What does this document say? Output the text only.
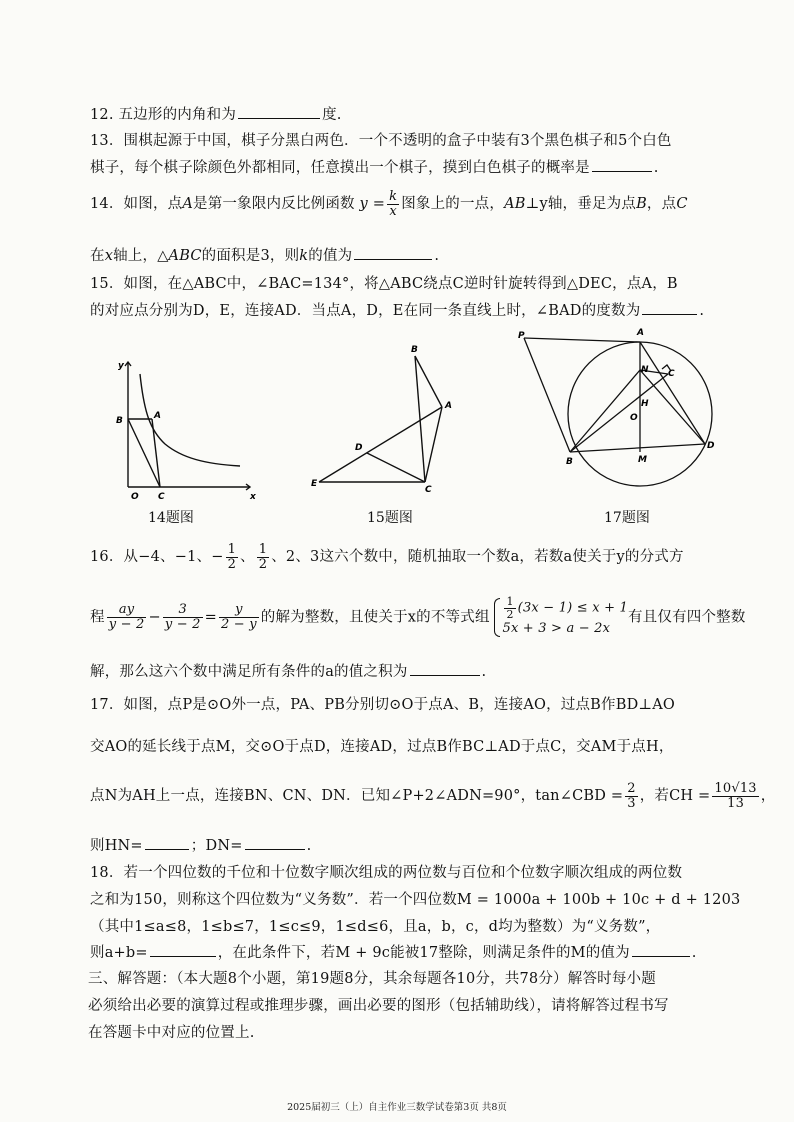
12. 五边形的内角和为	度.
13．围棋起源于中国，棋子分黑白两色．一个不透明的盒子中装有3个黑色棋子和5个白色
棋子，每个棋子除颜色外都相同，任意摸出一个棋子，摸到白色棋子的概率是	.
14．如图，点A是第一象限内反比例函数 $y = \frac{k}{x}$ 图象上的一点，AB⊥y轴，垂足为点B，点C
在x轴上，△ABC的面积是3，则k的值为	.
15．如图，在△ABC中，∠BAC=134°，将△ABC绕点C逆时针旋转得到△DEC，点A，B
的对应点分别为D，E，连接AD．当点A，D，E在同一条直线上时，∠BAD的度数为	.
y
B	A
O C	x
14题图
B
A
D
E
C
15题图
P	A
N C
H
O
B	M
D
17题图
16．从−4、−1、− $\frac{1}{2}$ 、 $\frac{1}{2}$ 、2、3这六个数中，随机抽取一个数a，若数a使关于y的分式方
程 $\frac{ay}{y - 2} - \frac{3}{y - 2} = \frac{y}{2 - y}$ 的解为整数，且使关于x的不等式组 $\frac{1}{2} (3x - 1) \le x + 1$
5x + 3 > a − 2x
有且仅有四个整数
解，那么这六个数中满足所有条件的a的值之积为	.
17．如图，点P是⊙O外一点，PA、PB分别切⊙O于点A、B，连接AO，过点B作BD⊥AO
交AO的延长线于点M，交⊙O于点D，连接AD，过点B作BC⊥AD于点C，交AM于点H，
点N为AH上一点，连接BN、CN、DN．已知∠P+2∠ADN=90°，tan∠CBD = $\frac{2}{3}$ ，若CH = $\frac{10√13}{13}$ ，
则HN=	；DN=	.
18．若一个四位数的千位和十位数字顺次组成的两位数与百位和个位数字顺次组成的两位数
之和为150，则称这个四位数为“义务数”．若一个四位数M = 1000a + 100b + 10c + d + 1203
（其中1≤a≤8，1≤b≤7，1≤c≤9，1≤d≤6，且a，b，c，d均为整数）为“义务数”，
则a+b=	，在此条件下，若M + 9c能被17整除，则满足条件的M的值为	.
三、解答题：（本大题8个小题，第19题8分，其余每题各10分，共78分）解答时每小题
必须给出必要的演算过程或推理步骤，画出必要的图形（包括辅助线），请将解答过程书写
在答题卡中对应的位置上.
2025届初三（上）自主作业三数学试卷第3页 共8页
